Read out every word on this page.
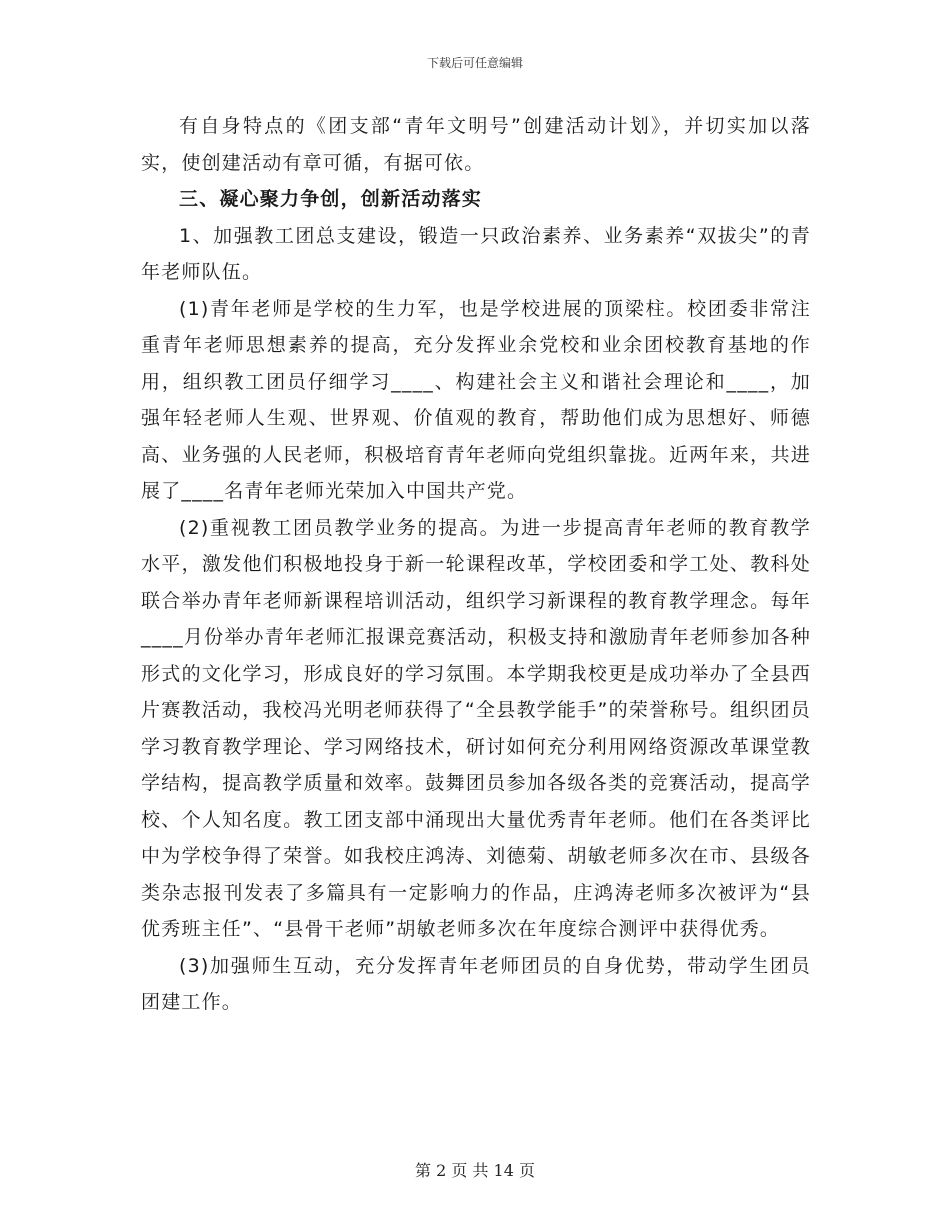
下载后可任意编辑

有自身特点的《团支部“青年文明号”创建活动计划》，并切实加以落实，使创建活动有章可循，有据可依。

三、凝心聚力争创，创新活动落实

1、加强教工团总支建设，锻造一只政治素养、业务素养“双拔尖”的青年老师队伍。

(1)青年老师是学校的生力军，也是学校进展的顶梁柱。校团委非常注重青年老师思想素养的提高，充分发挥业余党校和业余团校教育基地的作用，组织教工团员仔细学习____、构建社会主义和谐社会理论和____，加强年轻老师人生观、世界观、价值观的教育，帮助他们成为思想好、师德高、业务强的人民老师，积极培育青年老师向党组织靠拢。近两年来，共进展了____名青年老师光荣加入中国共产党。

(2)重视教工团员教学业务的提高。为进一步提高青年老师的教育教学水平，激发他们积极地投身于新一轮课程改革，学校团委和学工处、教科处联合举办青年老师新课程培训活动，组织学习新课程的教育教学理念。每年____月份举办青年老师汇报课竞赛活动，积极支持和激励青年老师参加各种形式的文化学习，形成良好的学习氛围。本学期我校更是成功举办了全县西片赛教活动，我校冯光明老师获得了“全县教学能手”的荣誉称号。组织团员学习教育教学理论、学习网络技术，研讨如何充分利用网络资源改革课堂教学结构，提高教学质量和效率。鼓舞团员参加各级各类的竞赛活动，提高学校、个人知名度。教工团支部中涌现出大量优秀青年老师。他们在各类评比中为学校争得了荣誉。如我校庄鸿涛、刘德菊、胡敏老师多次在市、县级各类杂志报刊发表了多篇具有一定影响力的作品，庄鸿涛老师多次被评为“县优秀班主任”、“县骨干老师”胡敏老师多次在年度综合测评中获得优秀。

(3)加强师生互动，充分发挥青年老师团员的自身优势，带动学生团员团建工作。

第 2 页 共 14 页
